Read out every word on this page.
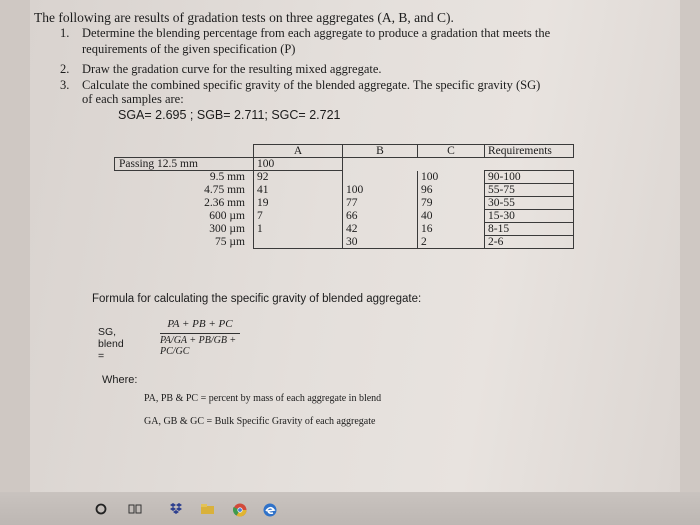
The following are results of gradation tests on three aggregates (A, B, and C).
1. Determine the blending percentage from each aggregate to produce a gradation that meets the
requirements of the given specification (P)
2. Draw the gradation curve for the resulting mixed aggregate.
3. Calculate the combined specific gravity of the blended aggregate. The specific gravity (SG)
of each samples are:
SGA= 2.695 ; SGB= 2.711; SGC= 2.721
	A	B	C	Requirements
Passing 12.5 mm	100			
9.5 mm	92		100	90-100
4.75 mm	41	100	96	55-75
2.36 mm	19	77	79	30-55
600 µm	7	66	40	15-30
300 µm	1	42	16	8-15
75 µm		30	2	2-6
Formula for calculating the specific gravity of blended aggregate:
SG, blend =
PA + PB + PC
PA/GA + PB/GB + PC/GC
Where:
PA, PB & PC = percent by mass of each aggregate in blend
GA, GB & GC = Bulk Specific Gravity of each aggregate
